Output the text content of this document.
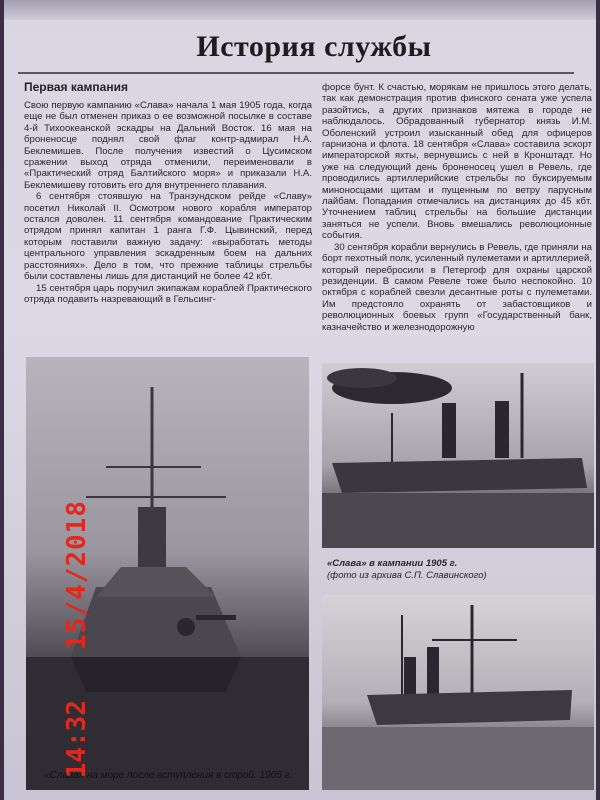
История службы
Первая кампания

Свою первую кампанию «Слава» начала 1 мая 1905 года, когда еще не был отменен приказ о ее возможной посылке в составе 4-й Тихоокеанской эскадры на Дальний Восток. 16 мая на броненосце поднял свой флаг контр-адмирал Н.А. Беклемишев. После получения известий о Цусимском сражении выход отряда отменили, переименовали в «Практический отряд Балтийского моря» и приказали Н.А. Беклемишеву готовить его для внутреннего плавания.

6 сентября стоявшую на Транзундском рейде «Славу» посетил Николай II. Осмотром нового корабля император остался доволен. 11 сентября командование Практическим отрядом принял капитан 1 ранга Г.Ф. Цывинский, перед которым поставили важную задачу: «выработать методы центрального управления эскадренным боем на дальних расстояниях». Дело в том, что прежние таблицы стрельбы были составлены лишь для дистанций не более 42 кбт.

15 сентября царь поручил экипажам кораблей Практического отряда подавить назревающий в Гельсинг-

форсе бунт. К счастью, морякам не пришлось этого делать, так как демонстрация против финского сената уже успела разойтись, а других признаков мятежа в городе не наблюдалось. Обрадованный губернатор князь И.М. Оболенский устроил изысканный обед для офицеров гарнизона и флота. 18 сентября «Слава» составила эскорт императорской яхты, вернувшись с ней в Кронштадт. Но уже на следующий день броненосец ушел в Ревель, где проводились артиллерийские стрельбы по буксируемым миноносцами щитам и пущенным по ветру парусным лайбам. Попадания отмечались на дистанциях до 45 кбт. Уточнением таблиц стрельбы на большие дистанции заняться не успели. Вновь вмешались революционные события.

30 сентября корабли вернулись в Ревель, где приняли на борт пехотный полк, усиленный пулеметами и артиллерией, который перебросили в Петергоф для охраны царской резиденции. В самом Ревеле тоже было неспокойно. 10 октября с кораблей свезли десантные роты с пулеметами. Им предстояло охранять от забастовщиков и революционных боевых групп «Государственный банк, казначейство и железнодорожную

«Слава» на море после вступления в строй. 1905 г.
«Слава» в кампании 1905 г.
(фото из архива С.П. Славинского)
15/4/2018
14:32
